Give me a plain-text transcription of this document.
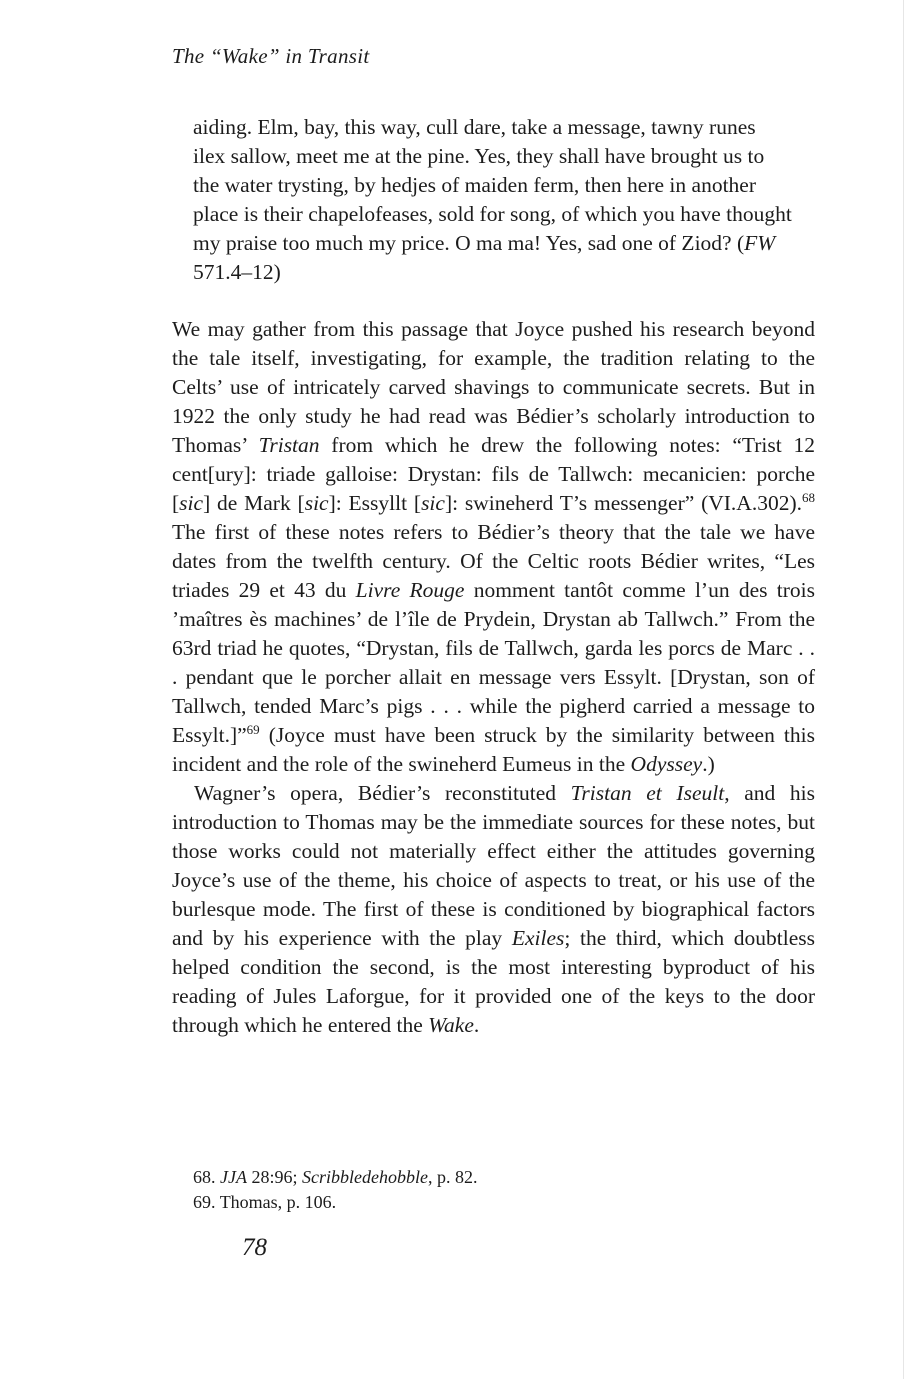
The “Wake” in Transit
aiding. Elm, bay, this way, cull dare, take a message, tawny runes ilex sallow, meet me at the pine. Yes, they shall have brought us to the water trysting, by hedjes of maiden ferm, then here in another place is their chapelofeases, sold for song, of which you have thought my praise too much my price. O ma ma! Yes, sad one of Ziod? (FW 571.4–12)

We may gather from this passage that Joyce pushed his research beyond the tale itself, investigating, for example, the tradition relating to the Celts’ use of intricately carved shavings to communicate secrets. But in 1922 the only study he had read was Bédier’s scholarly introduction to Thomas’ Tristan from which he drew the following notes: “Trist 12 cent[ury]: triade galloise: Drystan: fils de Tallwch: mecanicien: porche [sic] de Mark [sic]: Essyllt [sic]: swineherd T’s messenger” (VI.A.302).$^{68}$ The first of these notes refers to Bédier’s theory that the tale we have dates from the twelfth century. Of the Celtic roots Bédier writes, “Les triades 29 et 43 du Livre Rouge nomment tantôt comme l’un des trois ’maîtres ès machines’ de l’île de Prydein, Drystan ab Tallwch.” From the 63rd triad he quotes, “Drystan, fils de Tallwch, garda les porcs de Marc . . . pendant que le porcher allait en message vers Essylt. [Drystan, son of Tallwch, tended Marc’s pigs . . . while the pigherd carried a message to Essylt.]”$^{69}$ (Joyce must have been struck by the similarity between this incident and the role of the swineherd Eumeus in the Odyssey.)

Wagner’s opera, Bédier’s reconstituted Tristan et Iseult, and his introduction to Thomas may be the immediate sources for these notes, but those works could not materially effect either the attitudes governing Joyce’s use of the theme, his choice of aspects to treat, or his use of the burlesque mode. The first of these is conditioned by biographical factors and by his experience with the play Exiles; the third, which doubtless helped condition the second, is the most interesting byproduct of his reading of Jules Laforgue, for it provided one of the keys to the door through which he entered the Wake.

68. JJA 28:96; Scribbledehobble, p. 82.
69. Thomas, p. 106.
78
